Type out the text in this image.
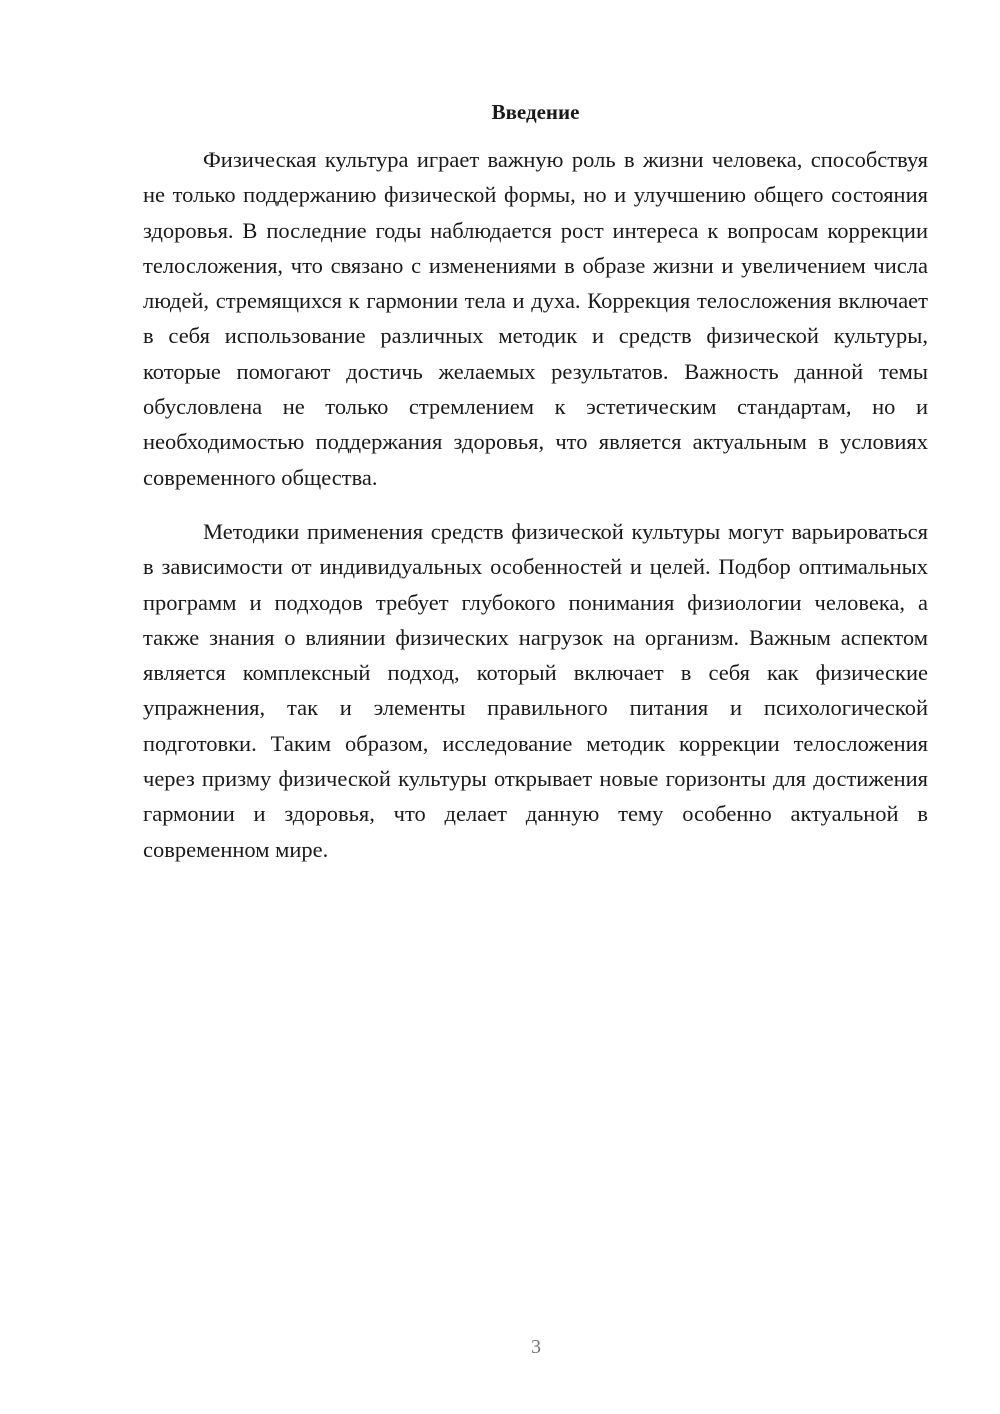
Введение

Физическая культура играет важную роль в жизни человека, способствуя не только поддержанию физической формы, но и улучшению общего состояния здоровья. В последние годы наблюдается рост интереса к вопросам коррекции телосложения, что связано с изменениями в образе жизни и увеличением числа людей, стремящихся к гармонии тела и духа. Коррекция телосложения включает в себя использование различных методик и средств физической культуры, которые помогают достичь желаемых результатов. Важность данной темы обусловлена не только стремлением к эстетическим стандартам, но и необходимостью поддержания здоровья, что является актуальным в условиях современного общества.

Методики применения средств физической культуры могут варьироваться в зависимости от индивидуальных особенностей и целей. Подбор оптимальных программ и подходов требует глубокого понимания физиологии человека, а также знания о влиянии физических нагрузок на организм. Важным аспектом является комплексный подход, который включает в себя как физические упражнения, так и элементы правильного питания и психологической подготовки. Таким образом, исследование методик коррекции телосложения через призму физической культуры открывает новые горизонты для достижения гармонии и здоровья, что делает данную тему особенно актуальной в современном мире.

3
